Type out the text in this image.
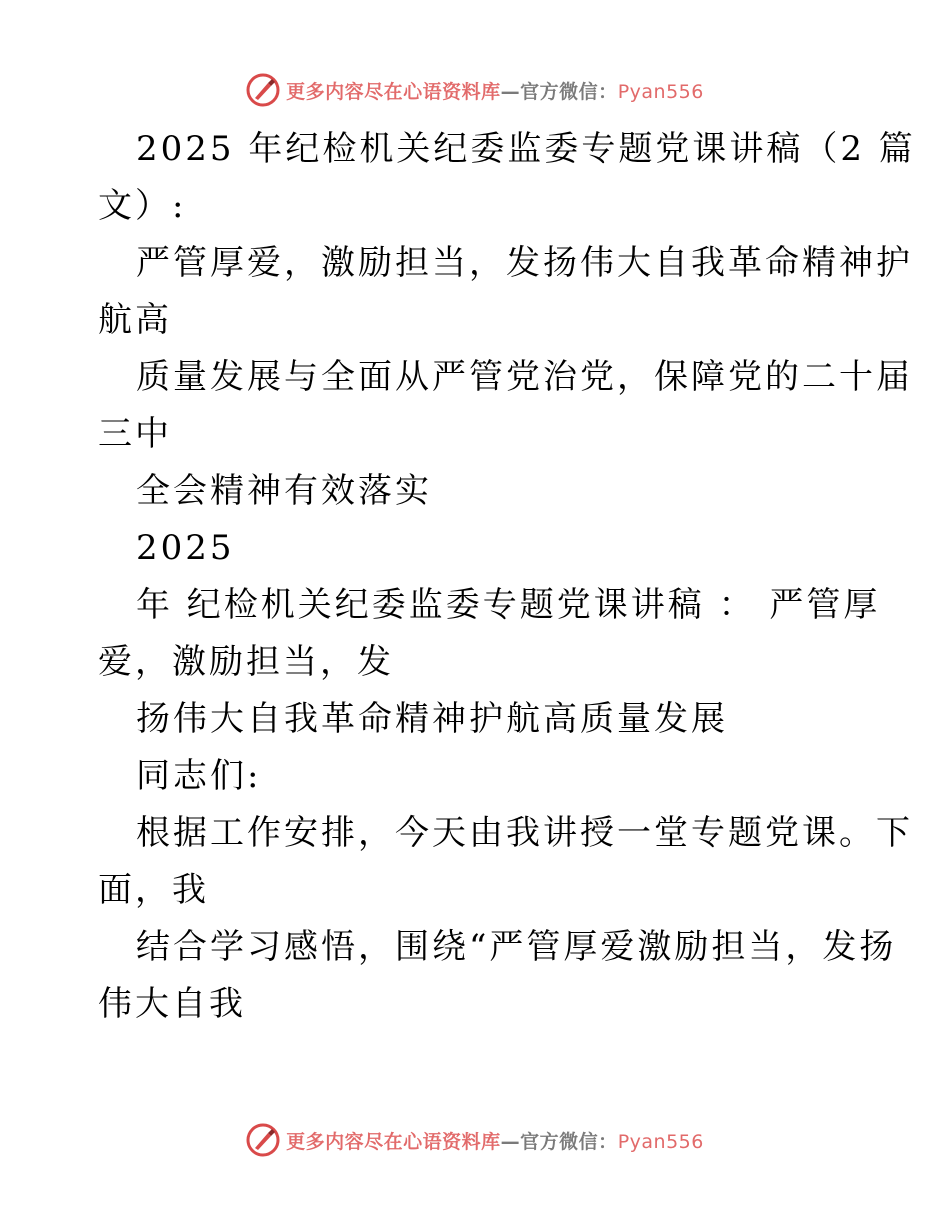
更多内容尽在心语资料库—官方微信：Pyan556
2025 年纪检机关纪委监委专题党课讲稿（2 篇
文）:
严管厚爱，激励担当，发扬伟大自我革命精神护
航高
质量发展与全面从严管党治党，保障党的二十届
三中
全会精神有效落实
2025
年 纪检机关纪委监委专题党课讲稿 ： 严管厚
爱，激励担当，发
扬伟大自我革命精神护航高质量发展
同志们:
根据工作安排，今天由我讲授一堂专题党课。下
面，我
结合学习感悟，围绕“严管厚爱激励担当，发扬
伟大自我
更多内容尽在心语资料库—官方微信：Pyan556
